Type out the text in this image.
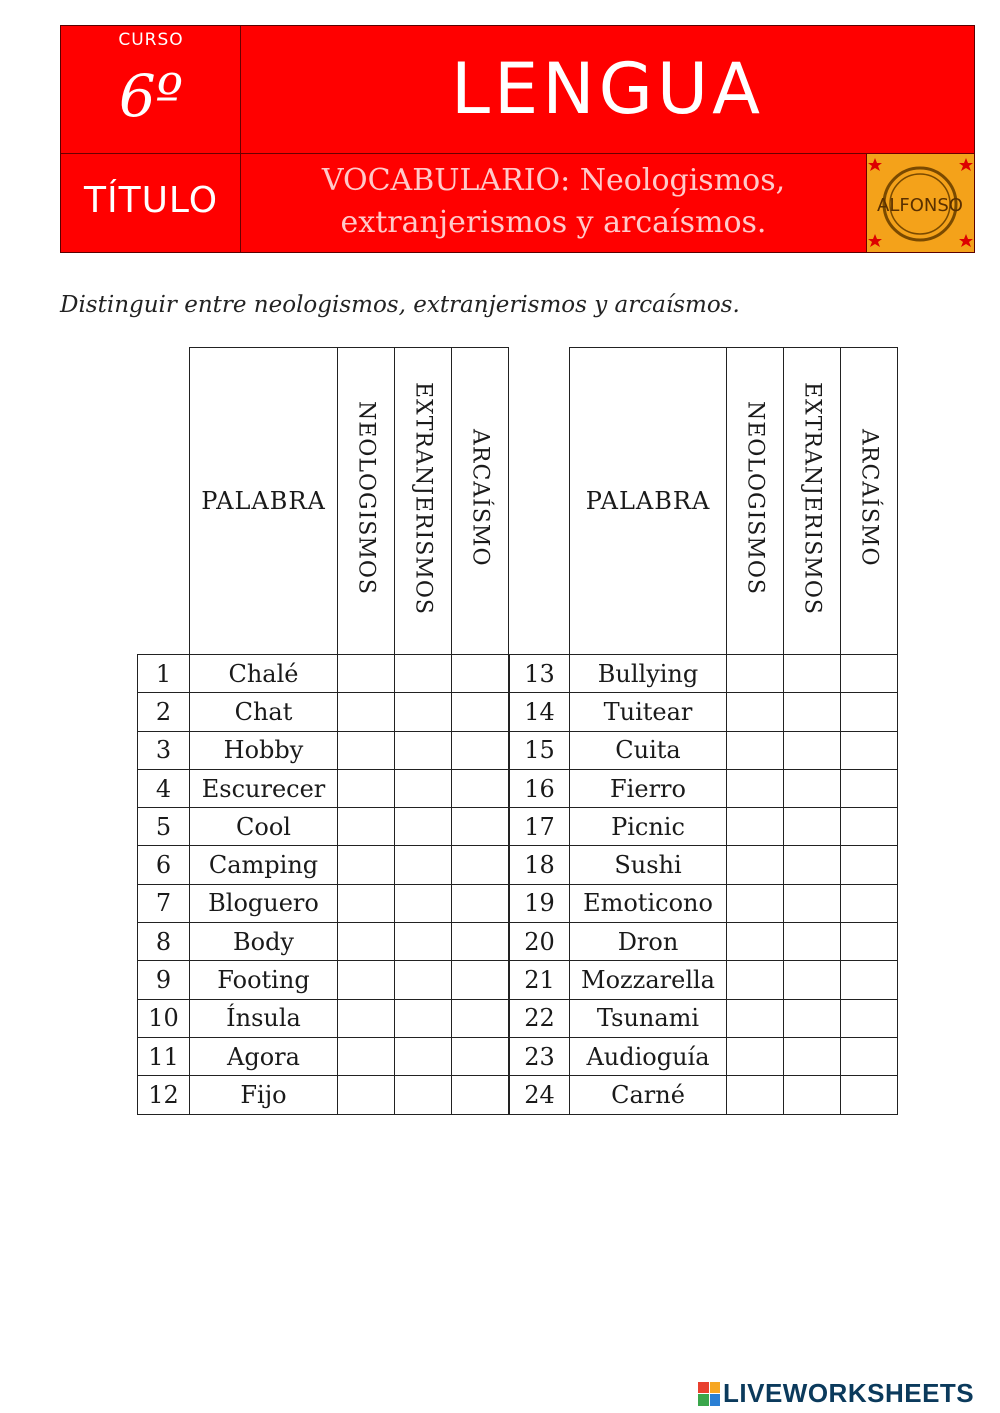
CURSO
6º	LENGUA
TÍTULO	VOCABULARIO: Neologismos,
extranjerismos y arcaísmos.	ALFONSO
Distinguir entre neologismos, extranjerismos y arcaísmos.
	PALABRA	NEOLOGISMOS	EXTRANJERISMOS	ARCAÍSMO
1	Chalé			
2	Chat			
3	Hobby			
4	Escurecer			
5	Cool			
6	Camping			
7	Bloguero			
8	Body			
9	Footing			
10	Ínsula			
11	Agora			
12	Fijo			
	PALABRA	NEOLOGISMOS	EXTRANJERISMOS	ARCAÍSMO
13	Bullying			
14	Tuitear			
15	Cuita			
16	Fierro			
17	Picnic			
18	Sushi			
19	Emoticono			
20	Dron			
21	Mozzarella			
22	Tsunami			
23	Audioguía			
24	Carné			
LIVEWORKSHEETS
